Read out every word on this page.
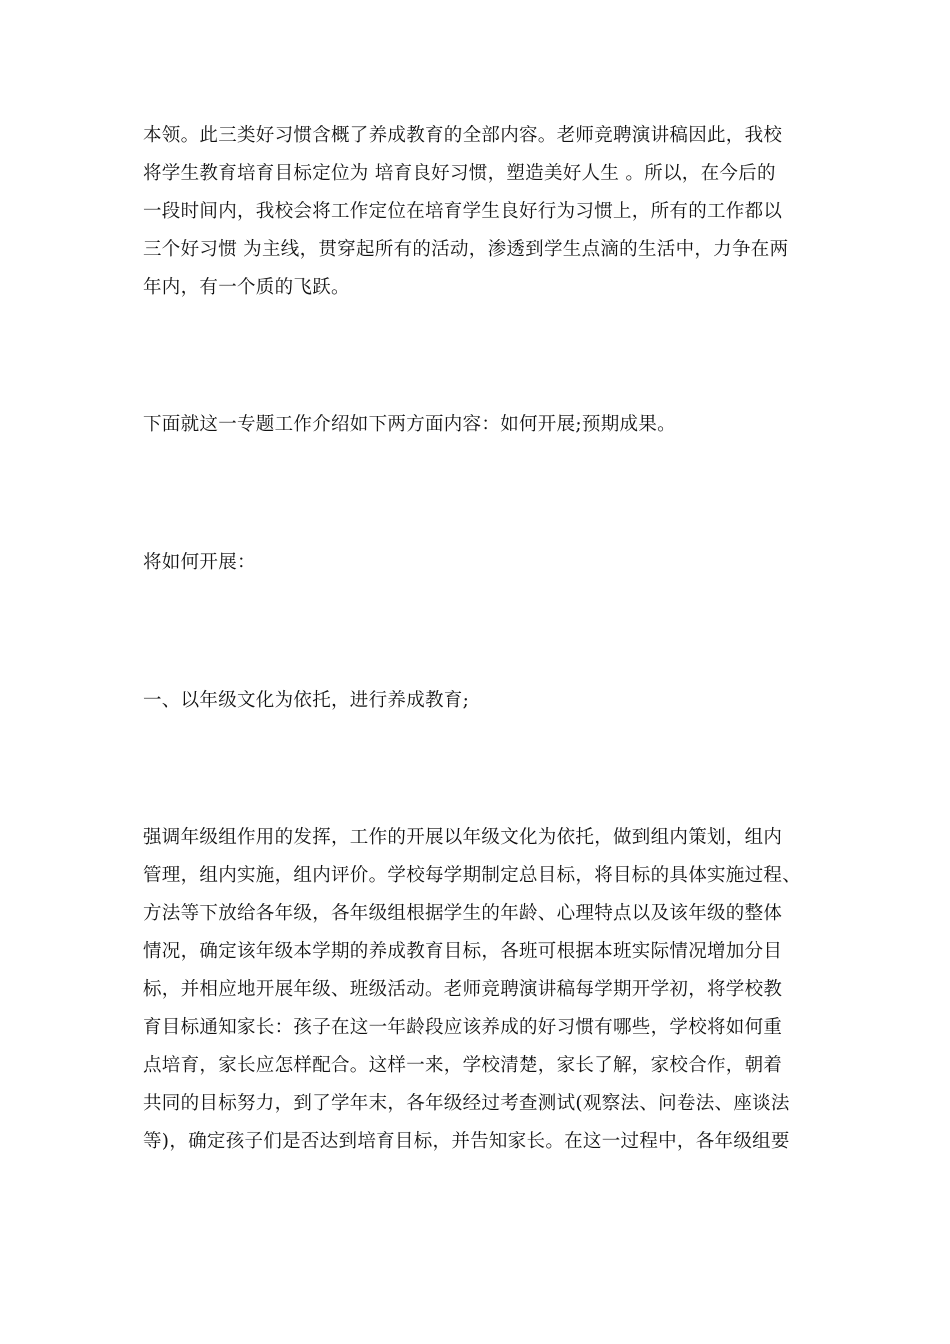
本领。此三类好习惯含概了养成教育的全部内容。老师竞聘演讲稿因此，我校

将学生教育培育目标定位为 培育良好习惯，塑造美好人生 。所以，在今后的

一段时间内，我校会将工作定位在培育学生良好行为习惯上，所有的工作都以

三个好习惯 为主线，贯穿起所有的活动，渗透到学生点滴的生活中，力争在两

年内，有一个质的飞跃。

下面就这一专题工作介绍如下两方面内容：如何开展;预期成果。

将如何开展：

一、以年级文化为依托，进行养成教育;

强调年级组作用的发挥，工作的开展以年级文化为依托，做到组内策划，组内

管理，组内实施，组内评价。学校每学期制定总目标，将目标的具体实施过程、

方法等下放给各年级，各年级组根据学生的年龄、心理特点以及该年级的整体

情况，确定该年级本学期的养成教育目标，各班可根据本班实际情况增加分目

标，并相应地开展年级、班级活动。老师竞聘演讲稿每学期开学初，将学校教

育目标通知家长：孩子在这一年龄段应该养成的好习惯有哪些，学校将如何重

点培育，家长应怎样配合。这样一来，学校清楚，家长了解，家校合作，朝着

共同的目标努力，到了学年末，各年级经过考查测试(观察法、问卷法、座谈法

等)，确定孩子们是否达到培育目标，并告知家长。在这一过程中，各年级组要
